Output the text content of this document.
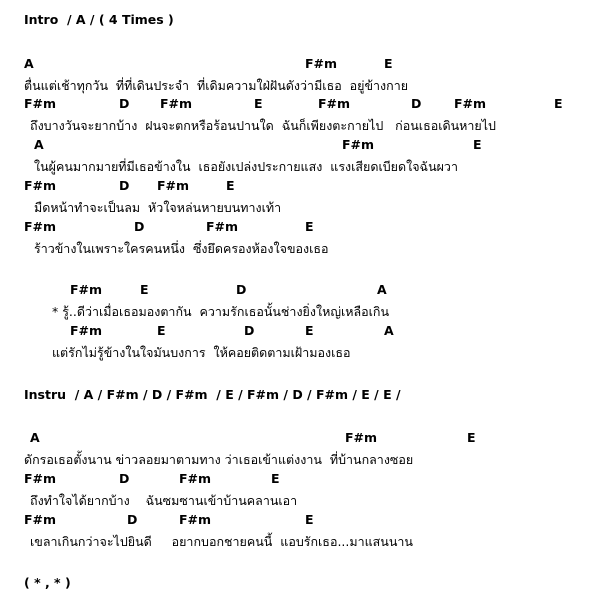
Intro  / A / ( 4 Times )

A

	F#m

	E

ตื่นแต่เช้าทุกวัน  ที่ที่เดินประจำ  ที่เดิมความใฝ่ฝันดังว่ามีเธอ  อยู่ข้างกาย

F#m

	D

F#m

	E

	F#m

	D

	F#m

	E

ถึงบางวันจะยากบ้าง  ฝนจะตกหรือร้อนปานใด  ฉันก็เพียงตะกายไป   ก่อนเธอเดินหายไป

A

	F#m

	E

ในผู้คนมากมายที่มีเธอข้างใน  เธอยังเปล่งประกายแสง  แรงเสียดเบียดใจฉันผวา

F#m

	D

F#m

	E

มืดหน้าทำจะเป็นลม  หัวใจหล่นหายบนทางเท้า

F#m

	D

	F#m

	E

ร้าวข้างในเพราะใครคนหนึ่ง  ซึ่งยึดครองห้องใจของเธอ

F#m

	E

	D

	A

* รู้..ดีว่าเมื่อเธอมองตากัน  ความรักเธอนั้นช่างยิ่งใหญ่เหลือเกิน

F#m

	E

	D

	E

	A

แต่รักไม่รู้ข้างในใจมันบงการ  ให้คอยติดตามเฝ้ามองเธอ

Instru  / A / F#m / D / F#m  / E / F#m / D / F#m / E / E /

A

	F#m

	E

ดักรอเธอตั้งนาน ข่าวลอยมาตามทาง ว่าเธอเข้าแต่งงาน  ที่บ้านกลางซอย

F#m

	D

	F#m

	E

ถึงทำใจได้ยากบ้าง    ฉันซมซานเข้าบ้านคลานเอา

F#m

	D

	F#m

	E

เขลาเกินกว่าจะไปยินดี     อยากบอกชายคนนี้  แอบรักเธอ...มาแสนนาน

( * , * )
